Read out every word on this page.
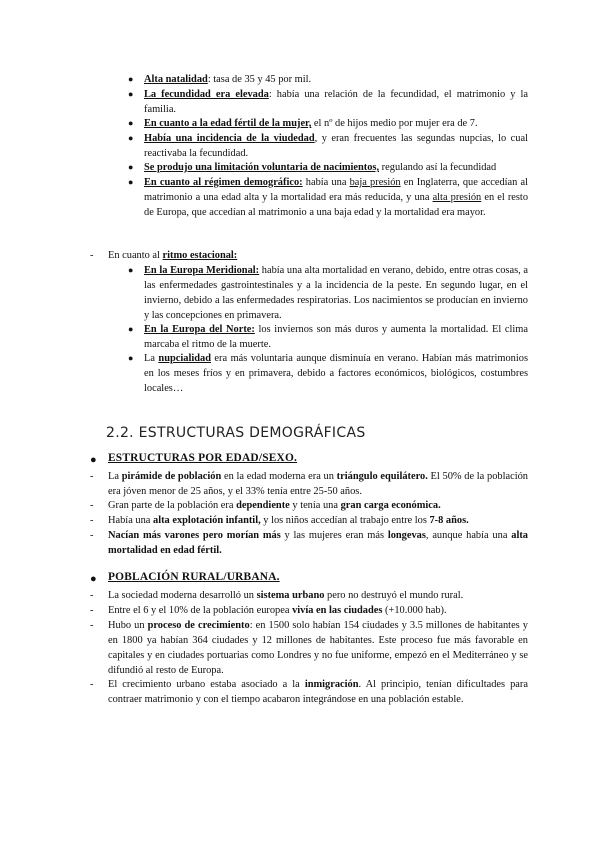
● Alta natalidad: tasa de 35 y 45 por mil.
● La fecundidad era elevada: había una relación de la fecundidad, el matrimonio y la familia.
● En cuanto a la edad fértil de la mujer, el nº de hijos medio por mujer era de 7.
● Había una incidencia de la viudedad, y eran frecuentes las segundas nupcias, lo cual reactivaba la fecundidad.
● Se produjo una limitación voluntaria de nacimientos, regulando así la fecundidad
● En cuanto al régimen demográfico: había una baja presión en Inglaterra, que accedían al matrimonio a una edad alta y la mortalidad era más reducida, y una alta presión en el resto de Europa, que accedían al matrimonio a una baja edad y la mortalidad era mayor.
- En cuanto al ritmo estacional:
● En la Europa Meridional: había una alta mortalidad en verano, debido, entre otras cosas, a las enfermedades gastrointestinales y a la incidencia de la peste. En segundo lugar, en el invierno, debido a las enfermedades respiratorias. Los nacimientos se producían en invierno y las concepciones en primavera.
● En la Europa del Norte: los inviernos son más duros y aumenta la mortalidad. El clima marcaba el ritmo de la muerte.
● La nupcialidad era más voluntaria aunque disminuía en verano. Habían más matrimonios en los meses fríos y en primavera, debido a factores económicos, biológicos, costumbres locales…
2.2. ESTRUCTURAS DEMOGRÁFICAS
● ESTRUCTURAS POR EDAD/SEXO.
- La pirámide de población en la edad moderna era un triángulo equilátero. El 50% de la población era jóven menor de 25 años, y el 33% tenía entre 25-50 años.
- Gran parte de la población era dependiente y tenía una gran carga económica.
- Había una alta explotación infantil, y los niños accedían al trabajo entre los 7-8 años.
- Nacían más varones pero morían más y las mujeres eran más longevas, aunque había una alta mortalidad en edad fértil.
● POBLACIÓN RURAL/URBANA.
- La sociedad moderna desarrolló un sistema urbano pero no destruyó el mundo rural.
- Entre el 6 y el 10% de la población europea vivía en las ciudades (+10.000 hab).
- Hubo un proceso de crecimiento: en 1500 solo habían 154 ciudades y 3.5 millones de habitantes y en 1800 ya habían 364 ciudades y 12 millones de habitantes. Este proceso fue más favorable en capitales y en ciudades portuarias como Londres y no fue uniforme, empezó en el Mediterráneo y se difundió al resto de Europa.
- El crecimiento urbano estaba asociado a la inmigración. Al principio, tenían dificultades para contraer matrimonio y con el tiempo acabaron integrándose en una población estable.
